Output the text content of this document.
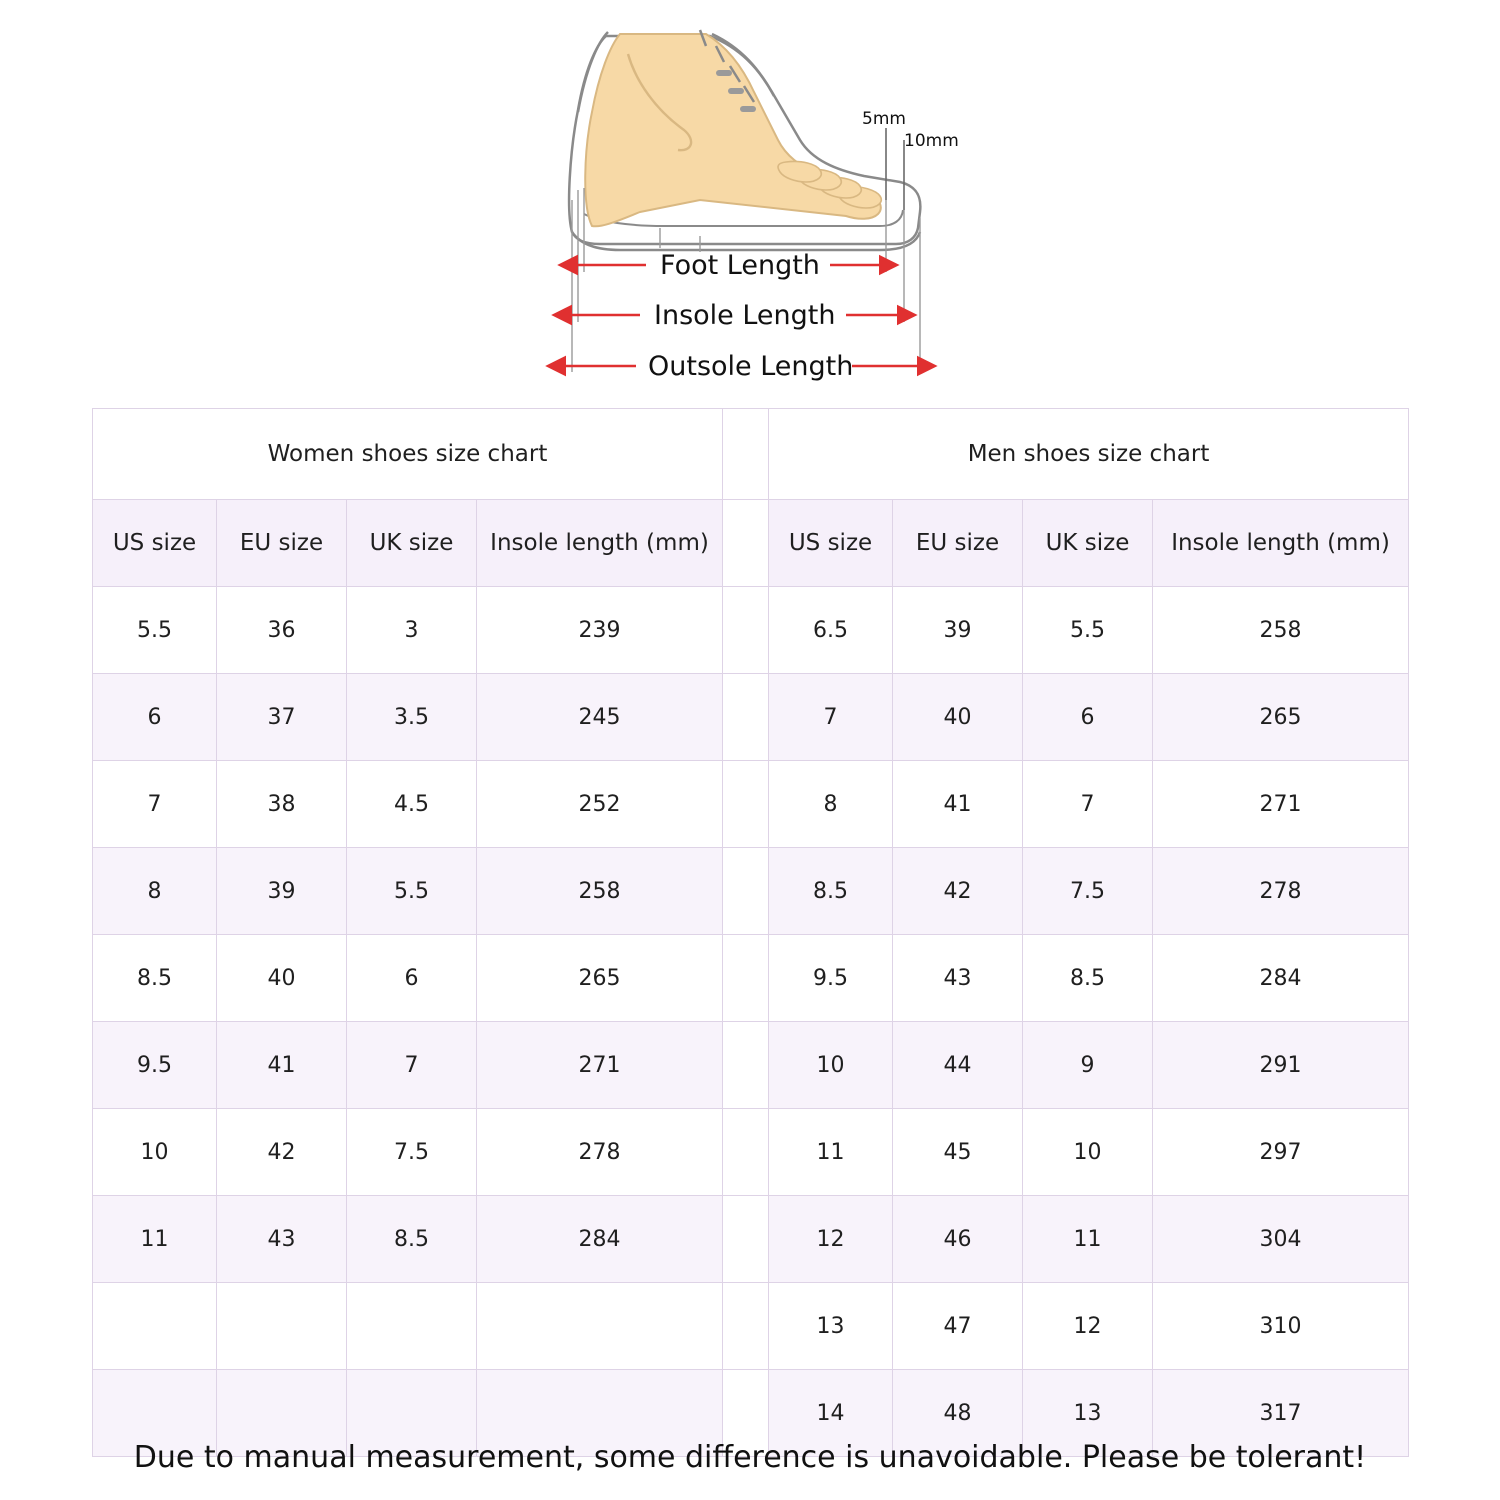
5mm
10mm
Foot Length
Insole Length
Outsole Length
Women shoes size chart					Men shoes size chart			
US size	EU size	UK size	Insole length (mm)		US size	EU size	UK size	Insole length (mm)
5.5	36	3	239		6.5	39	5.5	258
6	37	3.5	245		7	40	6	265
7	38	4.5	252		8	41	7	271
8	39	5.5	258		8.5	42	7.5	278
8.5	40	6	265		9.5	43	8.5	284
9.5	41	7	271		10	44	9	291
10	42	7.5	278		11	45	10	297
11	43	8.5	284		12	46	11	304
					13	47	12	310
					14	48	13	317
Due to manual measurement, some difference is unavoidable. Please be tolerant!
